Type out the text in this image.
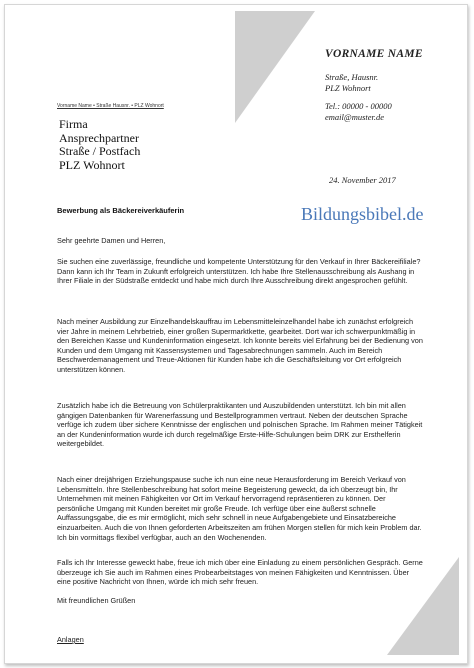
VORNAME NAME
Straße, Hausnr.
PLZ Wohnort
Tel.: 00000 - 00000
email@muster.de
Vorname Name • Straße Hausnr. • PLZ Wohnort
Firma
Ansprechpartner
Straße / Postfach
PLZ Wohnort
24. November 2017
Bewerbung als Bäckereiverkäuferin	Bildungsbibel.de
Sehr geehrte Damen und Herren,
Sie suchen eine zuverlässige, freundliche und kompetente Unterstützung für den Verkauf in Ihrer Bäckereifiliale? Dann kann ich Ihr Team in Zukunft erfolgreich unterstützen. Ich habe Ihre Stellenausschreibung als Aushang in Ihrer Filiale in der Südstraße entdeckt und habe mich durch Ihre Ausschreibung direkt angesprochen gefühlt.
Nach meiner Ausbildung zur Einzelhandelskauffrau im Lebensmitteleinzelhandel habe ich zunächst erfolgreich vier Jahre in meinem Lehrbetrieb, einer großen Supermarktkette, gearbeitet. Dort war ich schwerpunktmäßig in den Bereichen Kasse und Kundeninformation eingesetzt. Ich konnte bereits viel Erfahrung bei der Bedienung von Kunden und dem Umgang mit Kassensystemen und Tagesabrechnungen sammeln. Auch im Bereich Beschwerdemanagement und Treue-Aktionen für Kunden habe ich die Geschäftsleitung vor Ort erfolgreich unterstützen können.
Zusätzlich habe ich die Betreuung von Schülerpraktikanten und Auszubildenden unterstützt. Ich bin mit allen gängigen Datenbanken für Warenerfassung und Bestellprogrammen vertraut. Neben der deutschen Sprache verfüge ich zudem über sichere Kenntnisse der englischen und polnischen Sprache. Im Rahmen meiner Tätigkeit an der Kundeninformation wurde ich durch regelmäßige Erste-Hilfe-Schulungen beim DRK zur Ersthelferin weitergebildet.
Nach einer dreijährigen Erziehungspause suche ich nun eine neue Herausforderung im Bereich Verkauf von Lebensmitteln. Ihre Stellenbeschreibung hat sofort meine Begeisterung geweckt, da ich überzeugt bin, Ihr Unternehmen mit meinen Fähigkeiten vor Ort im Verkauf hervorragend repräsentieren zu können. Der persönliche Umgang mit Kunden bereitet mir große Freude. Ich verfüge über eine äußerst schnelle Auffassungsgabe, die es mir ermöglicht, mich sehr schnell in neue Aufgabengebiete und Einsatzbereiche einzuarbeiten. Auch die von Ihnen geforderten Arbeitszeiten am frühen Morgen stellen für mich kein Problem dar. Ich bin vormittags flexibel verfügbar, auch an den Wochenenden.
Falls ich Ihr Interesse geweckt habe, freue ich mich über eine Einladung zu einem persönlichen Gespräch. Gerne überzeuge ich Sie auch im Rahmen eines Probearbeitstages von meinen Fähigkeiten und Kenntnissen. Über eine positive Nachricht von Ihnen, würde ich mich sehr freuen.
Mit freundlichen Grüßen
Anlagen
